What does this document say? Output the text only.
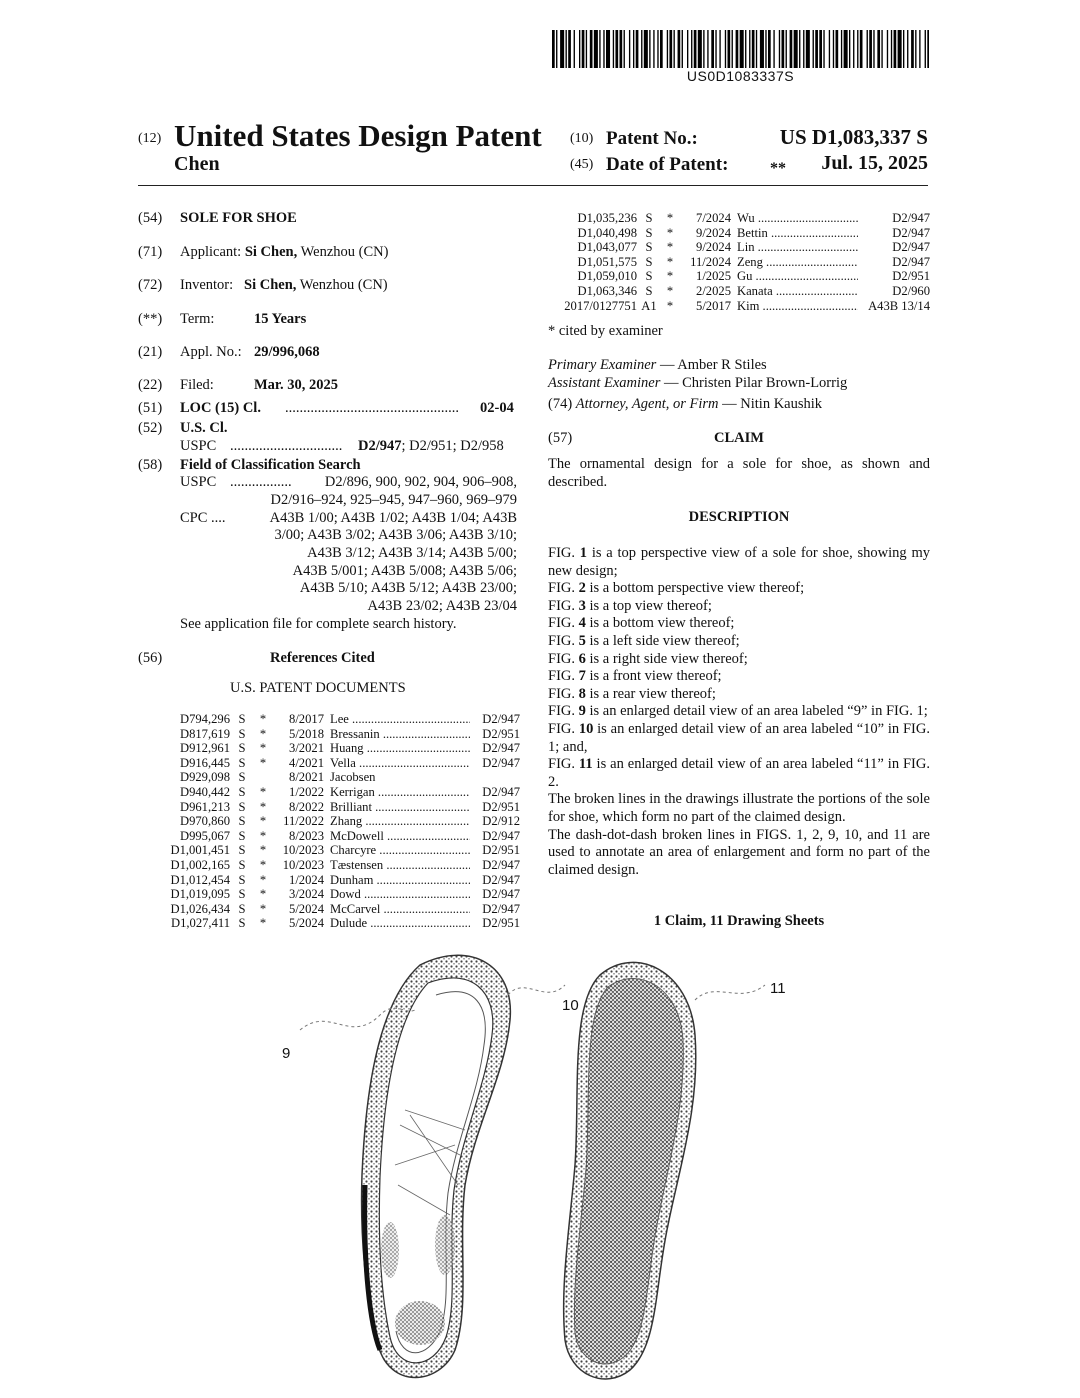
US0D1083337S
(12) United States Design Patent
Chen
(10) Patent No.:	US D1,083,337 S
(45) Date of Patent:	**	Jul. 15, 2025
(54) SOLE FOR SHOE
(71) Applicant: Si Chen, Wenzhou (CN)
(72) Inventor: Si Chen, Wenzhou (CN)
(**) Term:	15 Years
(21) Appl. No.: 29/996,068
(22) Filed:	Mar. 30, 2025
(51) LOC (15) Cl. ................................................	02-04
(52) U.S. Cl.
USPC ...............................	D2/947; D2/951; D2/958
(58) Field of Classification Search
USPC .................	D2/896, 900, 902, 904, 906–908,
D2/916–924, 925–945, 947–960, 969–979
CPC ....	A43B 1/00; A43B 1/02; A43B 1/04; A43B
3/00; A43B 3/02; A43B 3/06; A43B 3/10;
A43B 3/12; A43B 3/14; A43B 5/00;
A43B 5/001; A43B 5/008; A43B 5/06;
A43B 5/10; A43B 5/12; A43B 23/00;
A43B 23/02; A43B 23/04
See application file for complete search history.
(56)	References Cited
U.S. PATENT DOCUMENTS
D794,296 S	*	8/2017 Lee .....	D2/947
D817,619 S	*	5/2018 Bressanin .....	D2/951
D912,961 S	*	3/2021 Huang .....	D2/947
D916,445 S	*	4/2021 Vella .....	D2/947
D929,098 S	8/2021 Jacobsen
D940,442 S	*	1/2022 Kerrigan .....	D2/947
D961,213 S	*	8/2022 Brilliant .....	D2/951
D970,860 S	*	11/2022 Zhang .....	D2/912
D995,067 S	*	8/2023 McDowell .....	D2/947
D1,001,451 S	*	10/2023 Charcyre .....	D2/951
D1,002,165 S	*	10/2023 Tæstensen .....	D2/947
D1,012,454 S	*	1/2024 Dunham .....	D2/947
D1,019,095 S	*	3/2024 Dowd .....	D2/947
D1,026,434 S	*	5/2024 McCarvel .....	D2/947
D1,027,411 S	*	5/2024 Dulude .....	D2/951
D1,035,236 S	*	7/2024 Wu .....	D2/947
D1,040,498 S	*	9/2024 Bettin .....	D2/947
D1,043,077 S	*	9/2024 Lin .....	D2/947
D1,051,575 S	*	11/2024 Zeng .....	D2/947
D1,059,010 S	*	1/2025 Gu .....	D2/951
D1,063,346 S	*	2/2025 Kanata .....	D2/960
2017/0127751 A1 *	5/2017 Kim .....	A43B 13/14
* cited by examiner
Primary Examiner — Amber R Stiles
Assistant Examiner — Christen Pilar Brown-Lorrig
(74) Attorney, Agent, or Firm — Nitin Kaushik
(57)	CLAIM
The ornamental design for a sole for shoe, as shown and described.
DESCRIPTION

FIG. 1 is a top perspective view of a sole for shoe, showing my new design;

FIG. 2 is a bottom perspective view thereof;

FIG. 3 is a top view thereof;

FIG. 4 is a bottom view thereof;

FIG. 5 is a left side view thereof;

FIG. 6 is a right side view thereof;

FIG. 7 is a front view thereof;

FIG. 8 is a rear view thereof;

FIG. 9 is an enlarged detail view of an area labeled “9” in FIG. 1;

FIG. 10 is an enlarged detail view of an area labeled “10” in FIG. 1; and,

FIG. 11 is an enlarged detail view of an area labeled “11” in FIG. 2.

The broken lines in the drawings illustrate the portions of the sole for shoe, which form no part of the claimed design.

The dash-dot-dash broken lines in FIGS. 1, 2, 9, 10, and 11 are used to annotate an area of enlargement and form no part of the claimed design.

1 Claim, 11 Drawing Sheets
9
10
11
